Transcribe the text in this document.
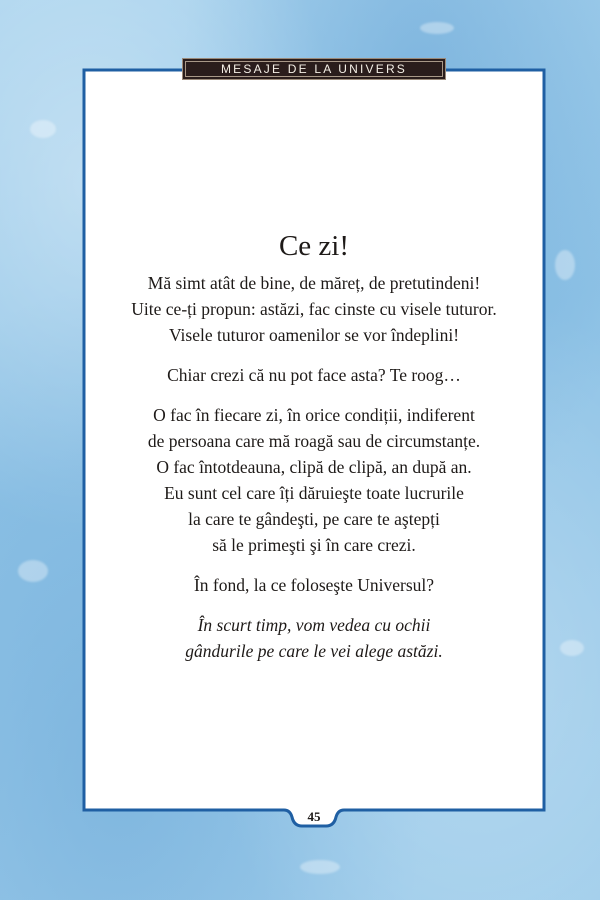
MESAJE DE LA UNIVERS
Ce zi!
Mă simt atât de bine, de măreț, de pretutindeni!
Uite ce-ți propun: astăzi, fac cinste cu visele tuturor.
Visele tuturor oamenilor se vor îndeplini!
Chiar crezi că nu pot face asta? Te roog…
O fac în fiecare zi, în orice condiții, indiferent
de persoana care mă roagă sau de circumstanțe.
O fac întotdeauna, clipă de clipă, an după an.
Eu sunt cel care îți dăruieşte toate lucrurile
la care te gândeşti, pe care te aştepți
să le primeşti şi în care crezi.
În fond, la ce foloseşte Universul?
În scurt timp, vom vedea cu ochii
gândurile pe care le vei alege astăzi.
45
